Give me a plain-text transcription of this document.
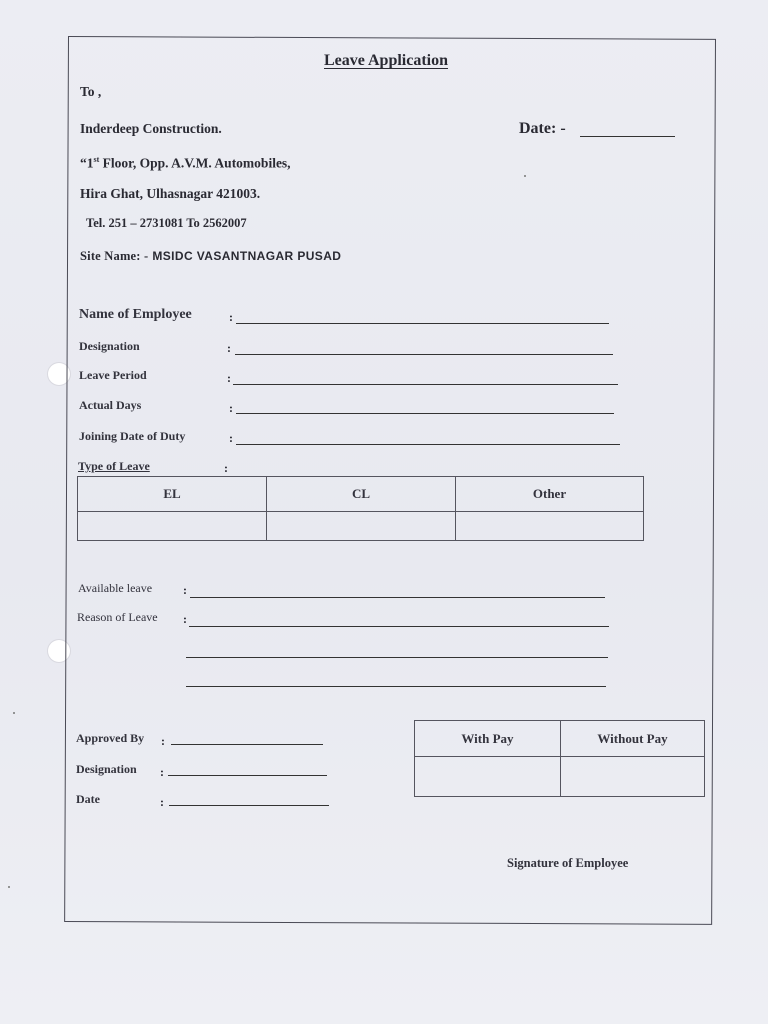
Leave Application
To ,
Inderdeep Construction.
“1st Floor, Opp. A.V.M. Automobiles,
Hira Ghat, Ulhasnagar 421003.
Tel. 251 – 2731081 To 2562007
Site Name: - MSIDC VASANTNAGAR PUSAD
Date: -
Name of Employee	:
Designation	:
Leave Period	:
Actual Days	:
Joining Date of Duty	:
Type of Leave	:
EL	CL	Other

Available leave	:
Reason of Leave :
Approved By :
Designation :
Date	:
With Pay	Without Pay

Signature of Employee
